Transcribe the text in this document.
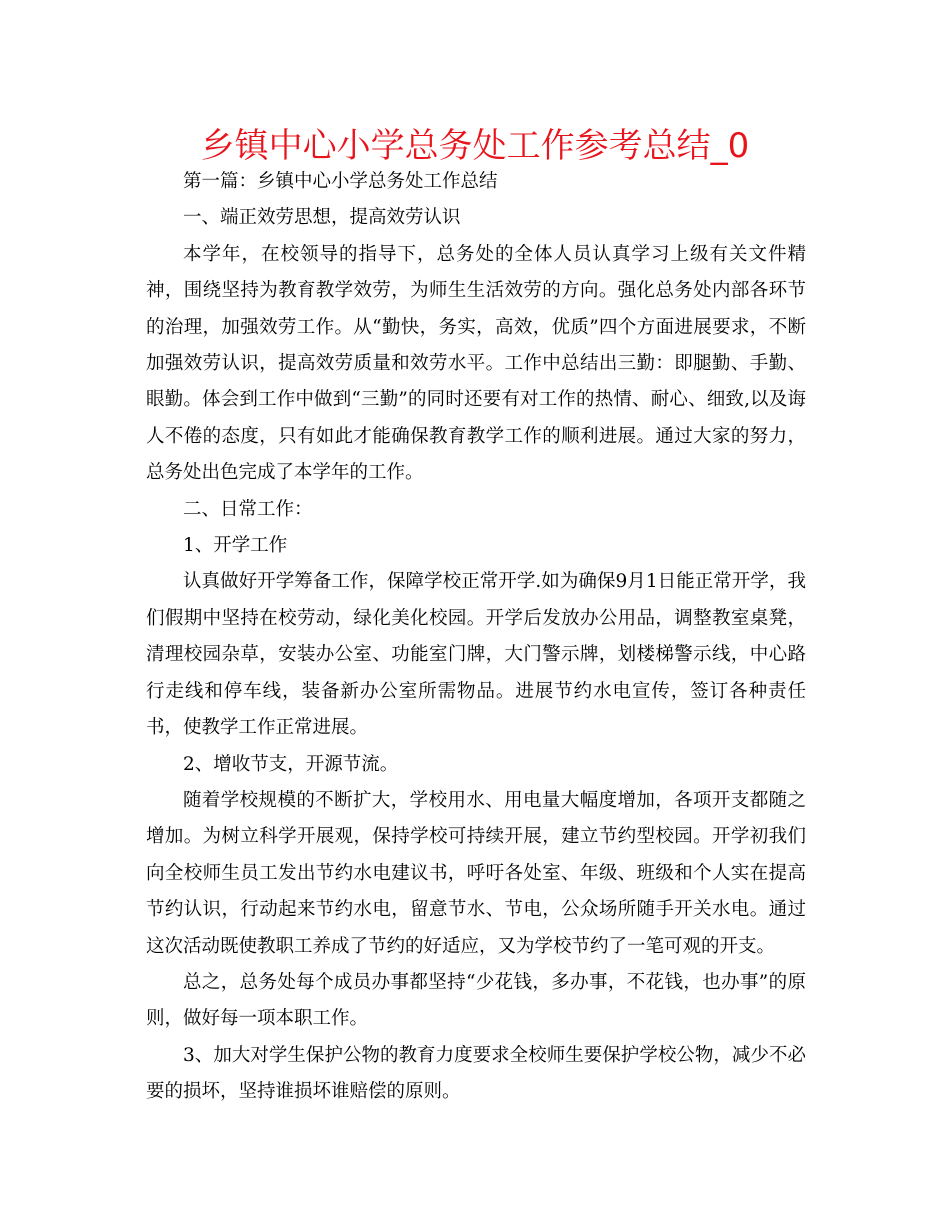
乡镇中心小学总务处工作参考总结_0

第一篇：乡镇中心小学总务处工作总结

一、端正效劳思想，提高效劳认识

本学年，在校领导的指导下，总务处的全体人员认真学习上级有关文件精神，围绕坚持为教育教学效劳，为师生生活效劳的方向。强化总务处内部各环节的治理，加强效劳工作。从“勤快，务实，高效，优质”四个方面进展要求，不断加强效劳认识，提高效劳质量和效劳水平。工作中总结出三勤：即腿勤、手勤、眼勤。体会到工作中做到“三勤”的同时还要有对工作的热情、耐心、细致,以及诲人不倦的态度，只有如此才能确保教育教学工作的顺利进展。通过大家的努力，总务处出色完成了本学年的工作。

二、日常工作：

1、开学工作

认真做好开学筹备工作，保障学校正常开学.如为确保9月1日能正常开学，我们假期中坚持在校劳动，绿化美化校园。开学后发放办公用品，调整教室桌凳，清理校园杂草，安装办公室、功能室门牌，大门警示牌，划楼梯警示线，中心路行走线和停车线，装备新办公室所需物品。进展节约水电宣传，签订各种责任书，使教学工作正常进展。

2、增收节支，开源节流。

随着学校规模的不断扩大，学校用水、用电量大幅度增加，各项开支都随之增加。为树立科学开展观，保持学校可持续开展，建立节约型校园。开学初我们向全校师生员工发出节约水电建议书，呼吁各处室、年级、班级和个人实在提高节约认识，行动起来节约水电，留意节水、节电，公众场所随手开关水电。通过这次活动既使教职工养成了节约的好适应，又为学校节约了一笔可观的开支。

总之，总务处每个成员办事都坚持“少花钱，多办事，不花钱，也办事”的原则，做好每一项本职工作。

3、加大对学生保护公物的教育力度要求全校师生要保护学校公物，减少不必要的损坏，坚持谁损坏谁赔偿的原则。
